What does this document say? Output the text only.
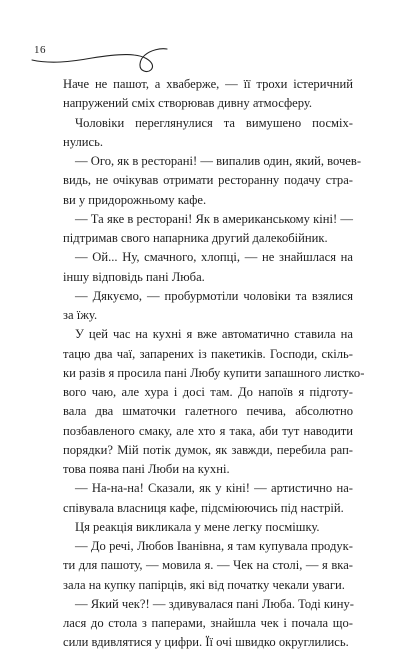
16
Наче не пашот, а хваберже, — її трохи істеричний
напружений сміх створював дивну атмосферу.
Чоловіки переглянулися та вимушено посміх-
нулись.
— Ого, як в ресторані! — випалив один, який, вочев-
видь, не очікував отримати ресторанну подачу стра-
ви у придорожньому кафе.
— Та яке в ресторані! Як в американському кіні! —
підтримав свого напарника другий далекобійник.
— Ой... Ну, смачного, хлопці, — не знайшлася на
іншу відповідь пані Люба.
— Дякуємо, — пробурмотіли чоловіки та взялися
за їжу.
У цей час на кухні я вже автоматично ставила на
тацю два чаї, запарених із пакетиків. Господи, скіль-
ки разів я просила пані Любу купити запашного листко-
вого чаю, але хура і досі там. До напоїв я підготу-
вала два шматочки галетного печива, абсолютно
позбавленого смаку, але хто я така, аби тут наводити
порядки? Мій потік думок, як завжди, перебила рап-
това поява пані Люби на кухні.
— На-на-на! Сказали, як у кіні! — артистично на-
співувала власниця кафе, підсміюючись під настрій.
Ця реакція викликала у мене легку посмішку.
— До речі, Любов Іванівна, я там купувала продук-
ти для пашоту, — мовила я. — Чек на столі, — я вка-
зала на купку папірців, які від початку чекали уваги.
— Який чек?! — здивувалася пані Люба. Тоді кину-
лася до стола з паперами, знайшла чек і почала що-
сили вдивлятися у цифри. Її очі швидко округлились.
